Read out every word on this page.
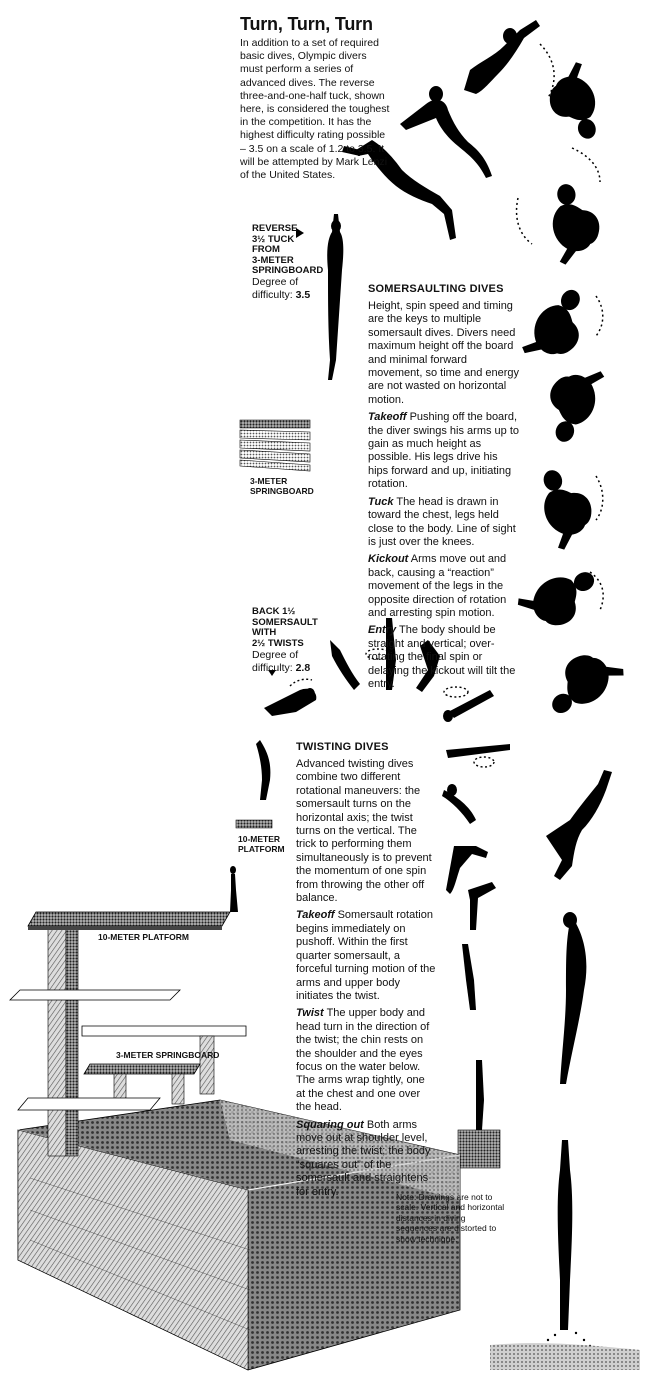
Turn, Turn, Turn

In addition to a set of required basic dives, Olympic divers must perform a series of advanced dives. The reverse three-and-one-half tuck, shown here, is considered the toughest in the competition. It has the highest difficulty rating possible – 3.5 on a scale of 1.2 to 3.5. It will be attempted by Mark Lenzi of the United States.

REVERSE
3½ TUCK
FROM
3-METER
SPRINGBOARD
Degree of difficulty: 3.5
3-METER
SPRINGBOARD
SOMERSAULTING DIVES

Height, spin speed and timing are the keys to multiple somersault dives. Divers need maximum height off the board and minimal forward movement, so time and energy are not wasted on horizontal motion.

Takeoff Pushing off the board, the diver swings his arms up to gain as much height as possible. His legs drive his hips forward and up, initiating rotation.

Tuck The head is drawn in toward the chest, legs held close to the body. Line of sight is just over the knees.

Kickout Arms move out and back, causing a “reaction” movement of the legs in the opposite direction of rotation and arresting spin motion.

Entry The body should be straight and vertical; over-rotating the final spin or delaying the kickout will tilt the entry.

BACK 1½
SOMERSAULT
WITH
2½ TWISTS
Degree of difficulty: 2.8
10-METER
PLATFORM
TWISTING DIVES

Advanced twisting dives combine two different rotational maneuvers: the somersault turns on the horizontal axis; the twist turns on the vertical. The trick to performing them simultaneously is to prevent the momentum of one spin from throwing the other off balance.

Takeoff Somersault rotation begins immediately on pushoff. Within the first quarter somersault, a forceful turning motion of the arms and upper body initiates the twist.

Twist The upper body and head turn in the direction of the twist; the chin rests on the shoulder and the eyes focus on the water below. The arms wrap tightly, one at the chest and one over the head.

Squaring out Both arms move out at shoulder level, arresting the twist; the body “squares out” of the somersault and straightens for entry.

10-METER PLATFORM
3-METER SPRINGBOARD
Note: Drawings are not to scale. Vertical and horizontal distances in diving sequences are distorted to show technique.
